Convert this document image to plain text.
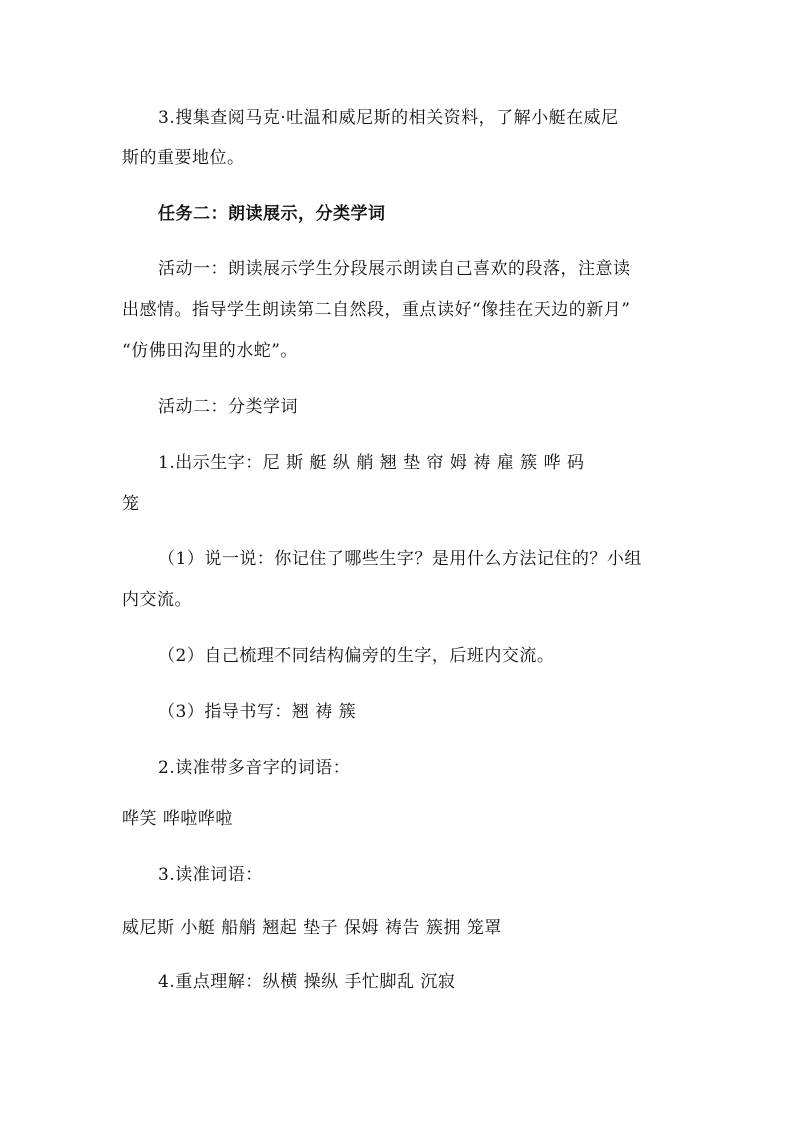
3.搜集查阅马克·吐温和威尼斯的相关资料，了解小艇在威尼
斯的重要地位。
任务二：朗读展示，分类学词
活动一：朗读展示学生分段展示朗读自己喜欢的段落，注意读
出感情。指导学生朗读第二自然段，重点读好“像挂在天边的新月”
“仿佛田沟里的水蛇”。
活动二：分类学词
1.出示生字：尼 斯 艇 纵 艄 翘 垫 帘 姆 祷 雇 簇 哗 码
笼
（1）说一说：你记住了哪些生字？是用什么方法记住的？小组
内交流。
（2）自己梳理不同结构偏旁的生字，后班内交流。
（3）指导书写：翘 祷 簇
2.读准带多音字的词语：
哗笑 哗啦哗啦
3.读准词语：
威尼斯 小艇 船艄 翘起 垫子 保姆 祷告 簇拥 笼罩
4.重点理解：纵横 操纵 手忙脚乱 沉寂
